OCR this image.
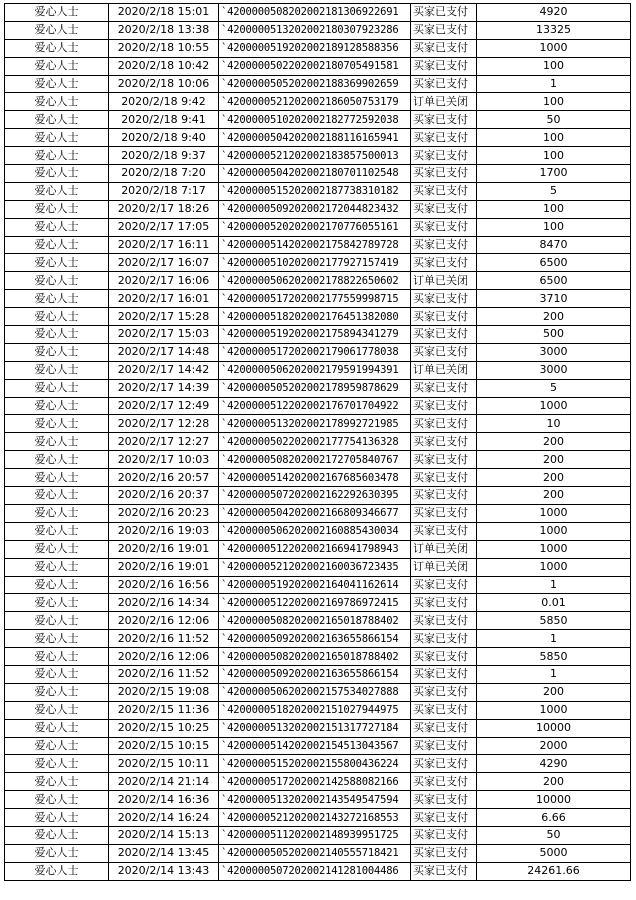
爱心人士	2020/2/18 15:01	`420000050820200218130692269​1	买家已支付	4920
爱心人士	2020/2/18 13:38	`4200000513202002180307923286	买家已支付	13325
爱心人士	2020/2/18 10:55	`4200000519202002189128588356	买家已支付	1000
爱心人士	2020/2/18 10:42	`4200000502202002180705491581	买家已支付	100
爱心人士	2020/2/18 10:06	`4200000505202002188369902659	买家已支付	1
爱心人士	2020/2/18 9:42	`4200000521202002186050753179	订单已关闭	100
爱心人士	2020/2/18 9:41	`4200000510202002182772592038	买家已支付	50
爱心人士	2020/2/18 9:40	`4200000504202002188116165941	买家已支付	100
爱心人士	2020/2/18 9:37	`4200000521202002183857500013	买家已支付	100
爱心人士	2020/2/18 7:20	`4200000504202002180701102548	买家已支付	1700
爱心人士	2020/2/18 7:17	`4200000515202002187738310182	买家已支付	5
爱心人士	2020/2/17 18:26	`4200000509202002172044823432	买家已支付	100
爱心人士	2020/2/17 17:05	`4200000520202002170776055161	买家已支付	100
爱心人士	2020/2/17 16:11	`4200000514202002175842789728	买家已支付	8470
爱心人士	2020/2/17 16:07	`4200000510202002177927157419	买家已支付	6500
爱心人士	2020/2/17 16:06	`4200000506202002178822650602	订单已关闭	6500
爱心人士	2020/2/17 16:01	`4200000517202002177559998715	买家已支付	3710
爱心人士	2020/2/17 15:28	`4200000518202002176451382080	买家已支付	200
爱心人士	2020/2/17 15:03	`4200000519202002175894341279	买家已支付	500
爱心人士	2020/2/17 14:48	`4200000517202002179061778038	买家已支付	3000
爱心人士	2020/2/17 14:42	`4200000506202002179591994391	订单已关闭	3000
爱心人士	2020/2/17 14:39	`4200000505202002178959878629	买家已支付	5
爱心人士	2020/2/17 12:49	`4200000512202002176701704922	买家已支付	1000
爱心人士	2020/2/17 12:28	`4200000513202002178992721985	买家已支付	10
爱心人士	2020/2/17 12:27	`4200000502202002177754136328	买家已支付	200
爱心人士	2020/2/17 10:03	`4200000508202002172705840767	买家已支付	200
爱心人士	2020/2/16 20:57	`4200000514202002167685603478	买家已支付	200
爱心人士	2020/2/16 20:37	`4200000507202002162292630395	买家已支付	200
爱心人士	2020/2/16 20:23	`4200000504202002166809346677	买家已支付	1000
爱心人士	2020/2/16 19:03	`4200000506202002160885430034	买家已支付	1000
爱心人士	2020/2/16 19:01	`4200000512202002166941798943	订单已关闭	1000
爱心人士	2020/2/16 19:01	`4200000521202002160036723435	订单已关闭	1000
爱心人士	2020/2/16 16:56	`4200000519202002164041162614	买家已支付	1
爱心人士	2020/2/16 14:34	`4200000512202002169786972415	买家已支付	0.01
爱心人士	2020/2/16 12:06	`4200000508202002165018788402	买家已支付	5850
爱心人士	2020/2/16 11:52	`4200000509202002163655866154	买家已支付	1
爱心人士	2020/2/16 12:06	`4200000508202002165018788402	买家已支付	5850
爱心人士	2020/2/16 11:52	`4200000509202002163655866154	买家已支付	1
爱心人士	2020/2/15 19:08	`4200000506202002157534027888	买家已支付	200
爱心人士	2020/2/15 11:36	`4200000518202002151027944975	买家已支付	1000
爱心人士	2020/2/15 10:25	`4200000513202002151317727184	买家已支付	10000
爱心人士	2020/2/15 10:15	`4200000514202002154513043567	买家已支付	2000
爱心人士	2020/2/15 10:11	`4200000515202002155800436224	买家已支付	4290
爱心人士	2020/2/14 21:14	`4200000517202002142588082166	买家已支付	200
爱心人士	2020/2/14 16:36	`4200000513202002143549547594	买家已支付	10000
爱心人士	2020/2/14 16:24	`4200000521202002143272168553	买家已支付	6.66
爱心人士	2020/2/14 15:13	`4200000511202002148939951725	买家已支付	50
爱心人士	2020/2/14 13:45	`4200000505202002140555718421	买家已支付	5000
爱心人士	2020/2/14 13:43	`4200000507202002141281004486	买家已支付	24261.66
